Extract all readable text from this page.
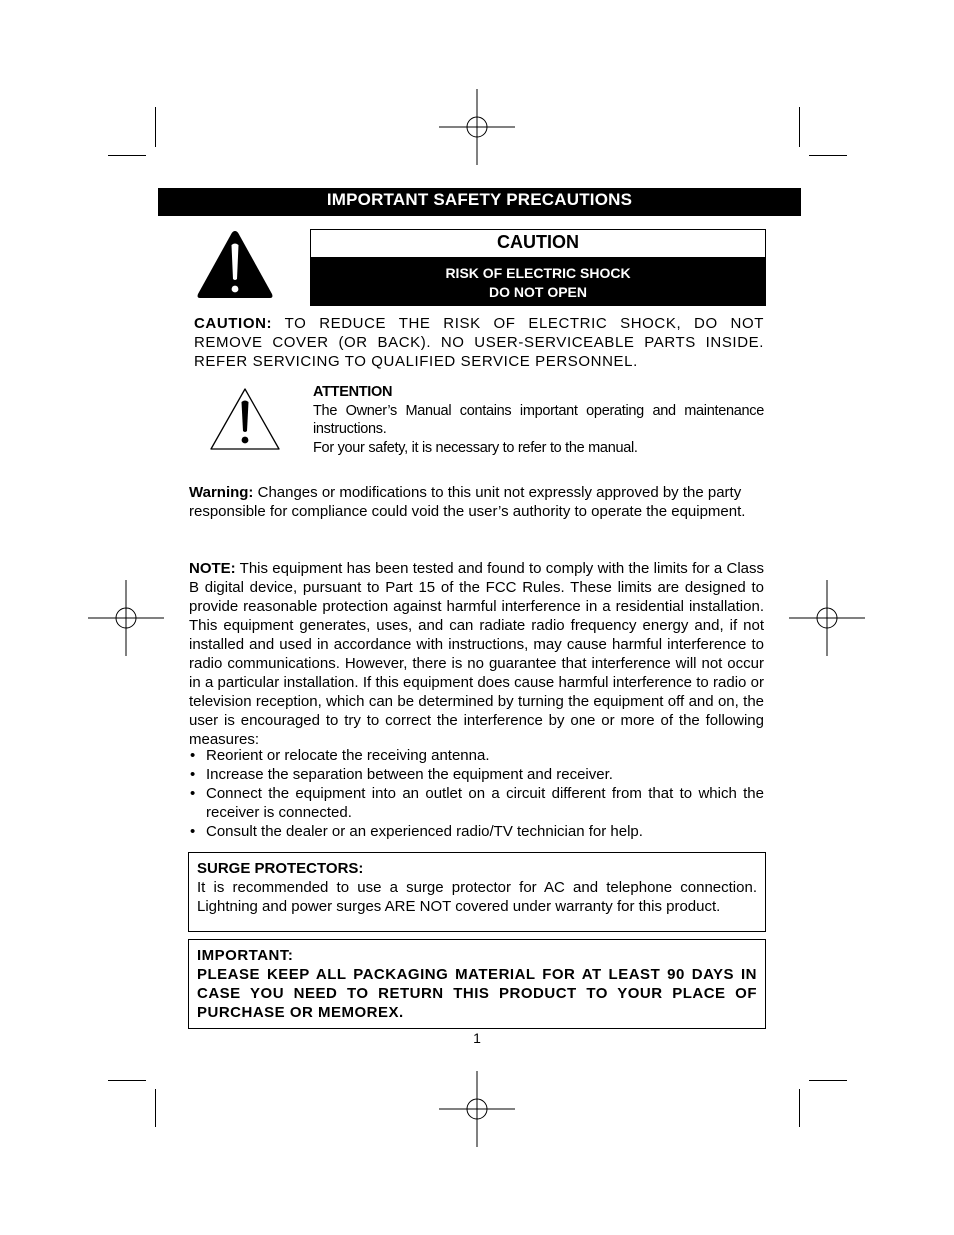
IMPORTANT SAFETY PRECAUTIONS
CAUTION
RISK OF ELECTRIC SHOCK
DO NOT OPEN
CAUTION: TO REDUCE THE RISK OF ELECTRIC SHOCK, DO NOT REMOVE COVER (OR BACK). NO USER-SERVICEABLE PARTS INSIDE. REFER SERVICING TO QUALIFIED SERVICE PERSONNEL.
ATTENTION
The Owner’s Manual contains important operating and maintenance instructions.
For your safety, it is necessary to refer to the manual.
Warning: Changes or modifications to this unit not expressly approved by the party responsible for compliance could void the user’s authority to operate the equipment.
NOTE: This equipment has been tested and found to comply with the limits for a Class B digital device, pursuant to Part 15 of the FCC Rules. These limits are designed to provide reasonable protection against harmful interference in a residential installation. This equipment generates, uses, and can radiate radio frequency energy and, if not installed and used in accordance with instructions, may cause harmful interference to radio communications. However, there is no guarantee that interference will not occur in a particular installation. If this equipment does cause harmful interference to radio or television reception, which can be determined by turning the equipment off and on, the user is encouraged to try to correct the interference by one or more of the following measures:
• Reorient or relocate the receiving antenna.
• Increase the separation between the equipment and receiver.
• Connect the equipment into an outlet on a circuit different from that to which the receiver is connected.
• Consult the dealer or an experienced radio/TV technician for help.
SURGE PROTECTORS:
It is recommended to use a surge protector for AC and telephone connection. Lightning and power surges ARE NOT covered under warranty for this product.
IMPORTANT:
PLEASE KEEP ALL PACKAGING MATERIAL FOR AT LEAST 90 DAYS IN CASE YOU NEED TO RETURN THIS PRODUCT TO YOUR PLACE OF PURCHASE OR MEMOREX.
1
